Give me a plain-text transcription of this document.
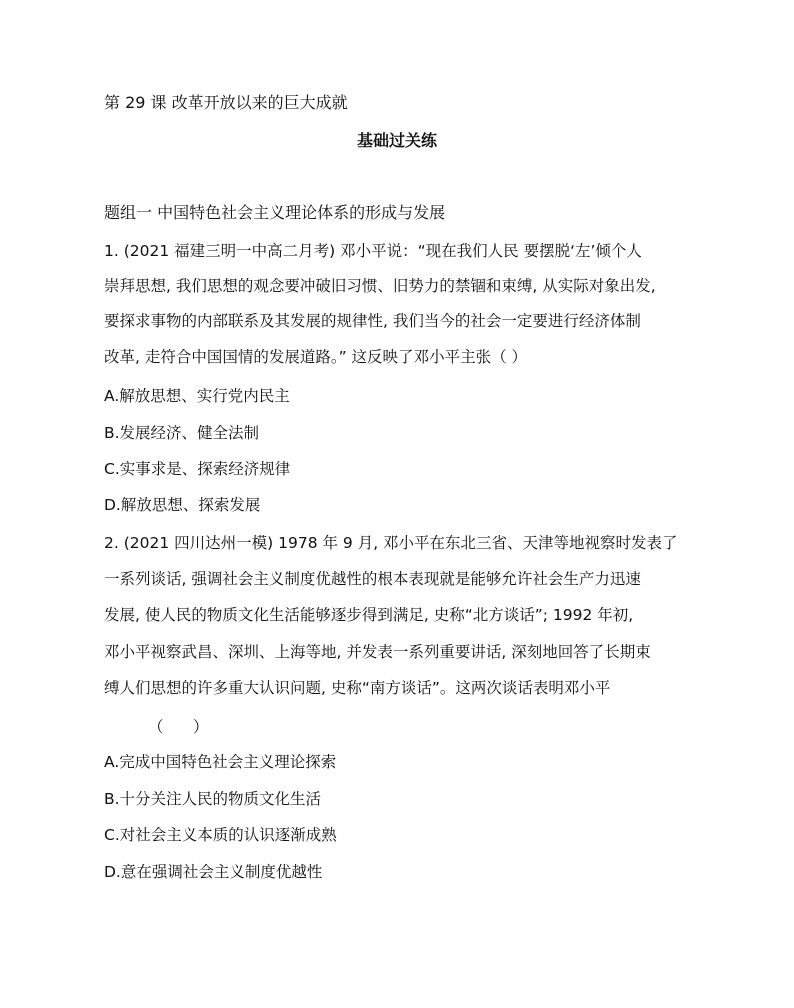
第 29 课 改革开放以来的巨大成就
基础过关练
题组一 中国特色社会主义理论体系的形成与发展
1. (2021 福建三明一中高二月考) 邓小平说：“现在我们人民 要摆脱‘左’倾个人
崇拜思想, 我们思想的观念要冲破旧习惯、旧势力的禁锢和束缚, 从实际对象出发,
要探求事物的内部联系及其发展的规律性, 我们当今的社会一定要进行经济体制
改革, 走符合中国国情的发展道路。” 这反映了邓小平主张（ ）
A.解放思想、实行党内民主
B.发展经济、健全法制
C.实事求是、探索经济规律
D.解放思想、探索发展
2. (2021 四川达州一模) 1978 年 9 月, 邓小平在东北三省、天津等地视察时发表了
一系列谈话, 强调社会主义制度优越性的根本表现就是能够允许社会生产力迅速
发展, 使人民的物质文化生活能够逐步得到满足, 史称“北方谈话”; 1992 年初,
邓小平视察武昌、深圳、上海等地, 并发表一系列重要讲话, 深刻地回答了长期束
缚人们思想的许多重大认识问题, 史称“南方谈话”。这两次谈话表明邓小平
（      ）
A.完成中国特色社会主义理论探索
B.十分关注人民的物质文化生活
C.对社会主义本质的认识逐渐成熟
D.意在强调社会主义制度优越性
